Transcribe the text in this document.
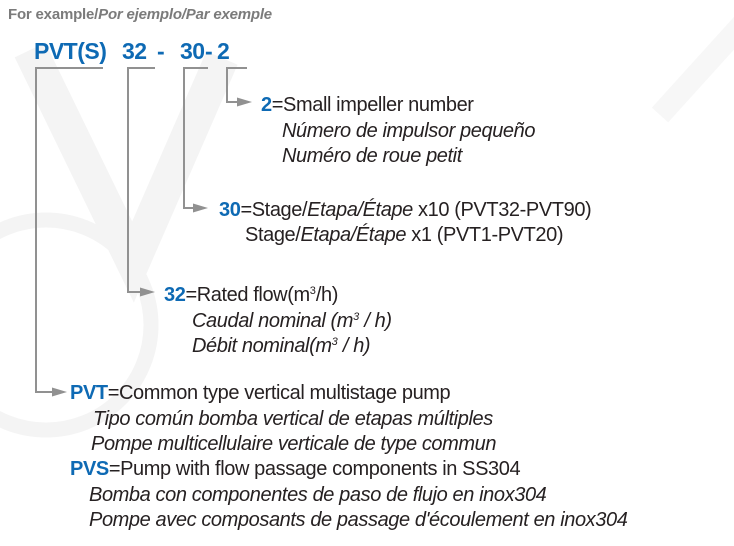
For example/Por ejemplo/Par exemple
PVT(S) 32 - 30 - 2
2=Small impeller number
Número de impulsor pequeño
Numéro de roue petit
30=Stage/Etapa/Étape x10 (PVT32-PVT90)
Stage/Etapa/Étape x1 (PVT1-PVT20)
32=Rated $flow(m^3/h)$
Caudal nominal $(m^3 / h)$
Débit $nominal(m^3 / h)$
PVT=Common type vertical multistage pump
Tipo común bomba vertical de etapas múltiples
Pompe multicellulaire verticale de type commun
PVS=Pump with flow passage components in SS304
Bomba con componentes de paso de flujo en inox304
Pompe avec composants de passage d'écoulement en inox304
